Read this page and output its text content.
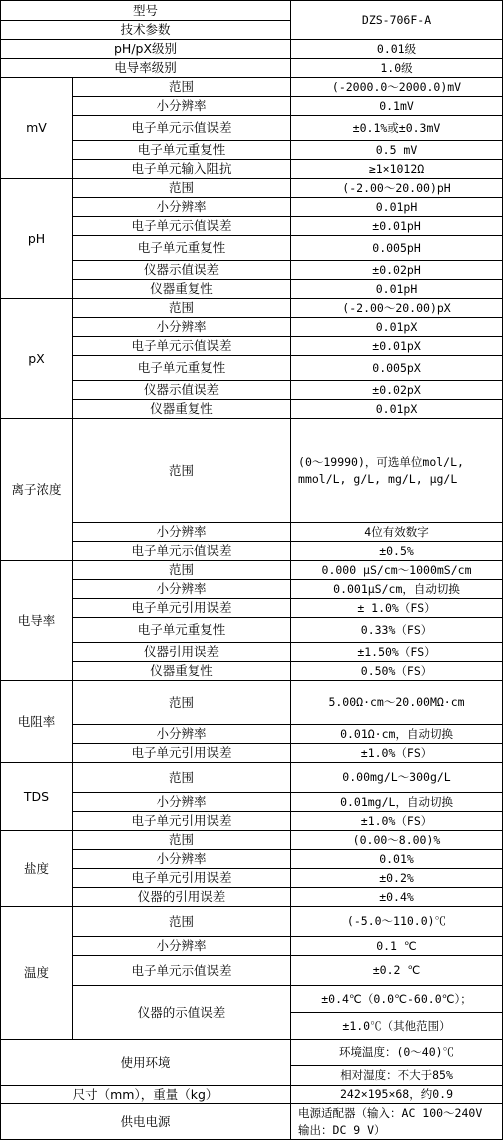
型号		DZS-706F-A
技术参数		
pH/pX级别		0.01级
电导率级别		1.0级
mV	范围	(-2000.0～2000.0)mV
	小分辨率	0.1mV
	电子单元示值误差	±0.1%或±0.3mV
	电子单元重复性	0.5 mV
	电子单元输入阻抗	≥1×1012Ω
pH	范围	(-2.00～20.00)pH
	小分辨率	0.01pH
	电子单元示值误差	±0.01pH
	电子单元重复性	0.005pH
	仪器示值误差	±0.02pH
	仪器重复性	0.01pH
pX	范围	(-2.00～20.00)pX
	小分辨率	0.01pX
	电子单元示值误差	±0.01pX
	电子单元重复性	0.005pX
	仪器示值误差	±0.02pX
	仪器重复性	0.01pX
离子浓度	范围	(0～19990)，可选单位mol/L, mmol/L, g/L, mg/L, μg/L
	小分辨率	4位有效数字
	电子单元示值误差	±0.5%
电导率	范围	0.000 μS/cm～1000mS/cm
	小分辨率	0.001μS/cm，自动切换
	电子单元引用误差	± 1.0%（FS）
	电子单元重复性	0.33%（FS）
	仪器引用误差	±1.50%（FS）
	仪器重复性	0.50%（FS）
电阻率	范围	5.00Ω·cm～20.00MΩ·cm
	小分辨率	0.01Ω·cm，自动切换
	电子单元引用误差	±1.0%（FS）
TDS	范围	0.00mg/L～300g/L
	小分辨率	0.01mg/L，自动切换
	电子单元引用误差	±1.0%（FS）
盐度	范围	(0.00～8.00)%
	小分辨率	0.01%
	电子单元引用误差	±0.2%
	仪器的引用误差	±0.4%
温度	范围	(-5.0～110.0)℃
	小分辨率	0.1 ℃
	电子单元示值误差	±0.2 ℃
	仪器的示值误差	±0.4℃（0.0℃-60.0℃）；
		±1.0℃（其他范围）
使用环境		环境温度：(0～40)℃
		相对湿度：不大于85%
尺寸（mm），重量（kg）		242×195×68，约0.9
供电电源		电源适配器（输入：AC 100～240V 输出：DC 9 V）
